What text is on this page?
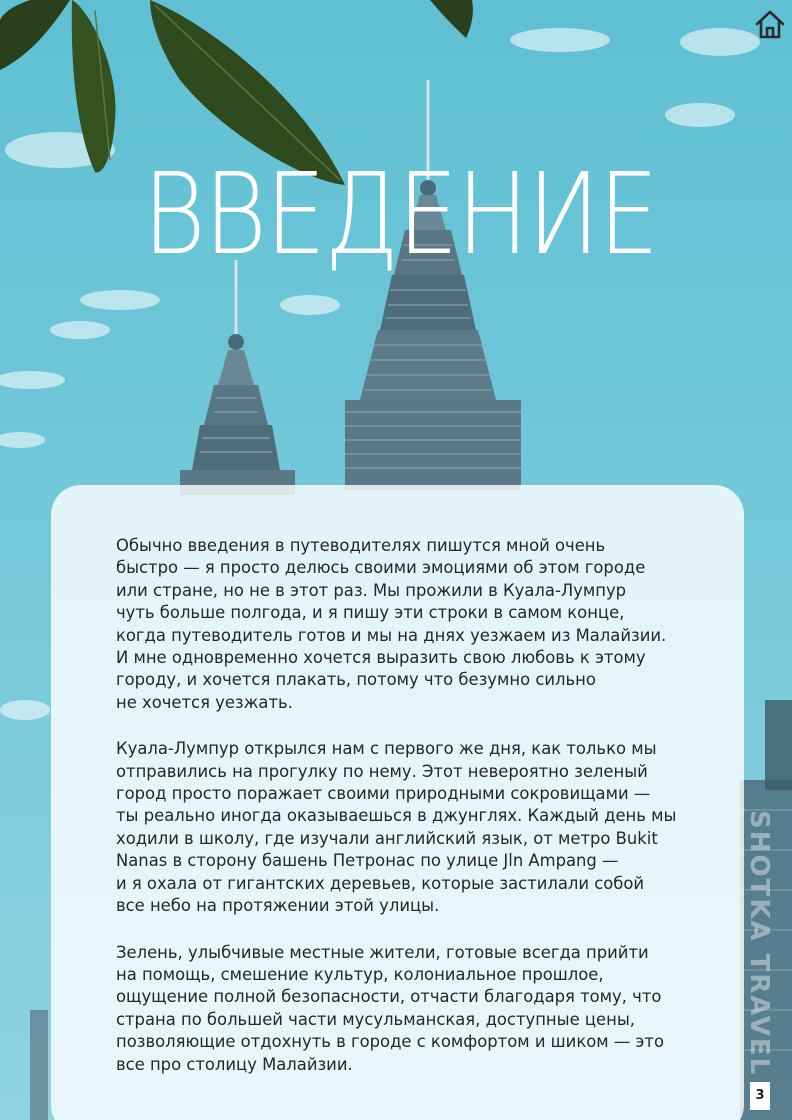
ВВЕДЕНИЕ

Обычно введения в путеводителях пишутся мной очень
быстро — я просто делюсь своими эмоциями об этом городе
или стране, но не в этот раз. Мы прожили в Куала-Лумпур
чуть больше полгода, и я пишу эти строки в самом конце,
когда путеводитель готов и мы на днях уезжаем из Малайзии.
И мне одновременно хочется выразить свою любовь к этому
городу, и хочется плакать, потому что безумно сильно
не хочется уезжать.

Куала-Лумпур открылся нам с первого же дня, как только мы
отправились на прогулку по нему. Этот невероятно зеленый
город просто поражает своими природными сокровищами —
ты реально иногда оказываешься в джунглях. Каждый день мы
ходили в школу, где изучали английский язык, от метро Bukit
Nanas в сторону башень Петронас по улице Jln Ampang —
и я охала от гигантских деревьев, которые застилали собой
все небо на протяжении этой улицы.

Зелень, улыбчивые местные жители, готовые всегда прийти
на помощь, смешение культур, колониальное прошлое,
ощущение полной безопасности, отчасти благодаря тому, что
страна по большей части мусульманская, доступные цены,
позволяющие отдохнуть в городе с комфортом и шиком — это
все про столицу Малайзии.	SHOTKA TRAVEL
3
